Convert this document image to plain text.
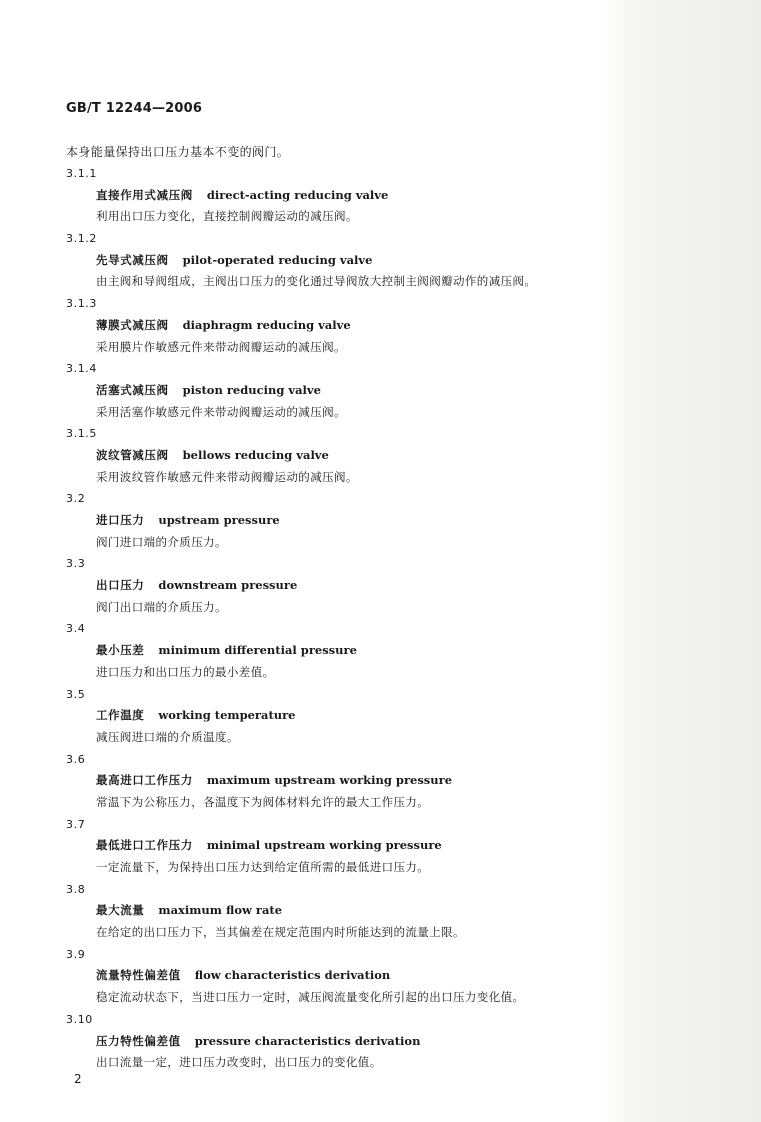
GB/T 12244—2006
本身能量保持出口压力基本不变的阀门。
3.1.1
直接作用式减压阀 direct-acting reducing valve
利用出口压力变化，直接控制阀瓣运动的减压阀。
3.1.2
先导式减压阀 pilot-operated reducing valve
由主阀和导阀组成，主阀出口压力的变化通过导阀放大控制主阀阀瓣动作的减压阀。
3.1.3
薄膜式减压阀 diaphragm reducing valve
采用膜片作敏感元件来带动阀瓣运动的减压阀。
3.1.4
活塞式减压阀 piston reducing valve
采用活塞作敏感元件来带动阀瓣运动的减压阀。
3.1.5
波纹管减压阀 bellows reducing valve
采用波纹管作敏感元件来带动阀瓣运动的减压阀。
3.2
进口压力 upstream pressure
阀门进口端的介质压力。
3.3
出口压力 downstream pressure
阀门出口端的介质压力。
3.4
最小压差 minimum differential pressure
进口压力和出口压力的最小差值。
3.5
工作温度 working temperature
减压阀进口端的介质温度。
3.6
最高进口工作压力 maximum upstream working pressure
常温下为公称压力，各温度下为阀体材料允许的最大工作压力。
3.7
最低进口工作压力 minimal upstream working pressure
一定流量下，为保持出口压力达到给定值所需的最低进口压力。
3.8
最大流量 maximum flow rate
在给定的出口压力下，当其偏差在规定范围内时所能达到的流量上限。
3.9
流量特性偏差值 flow characteristics derivation
稳定流动状态下，当进口压力一定时，减压阀流量变化所引起的出口压力变化值。
3.10
压力特性偏差值 pressure characteristics derivation
出口流量一定，进口压力改变时，出口压力的变化值。
2
